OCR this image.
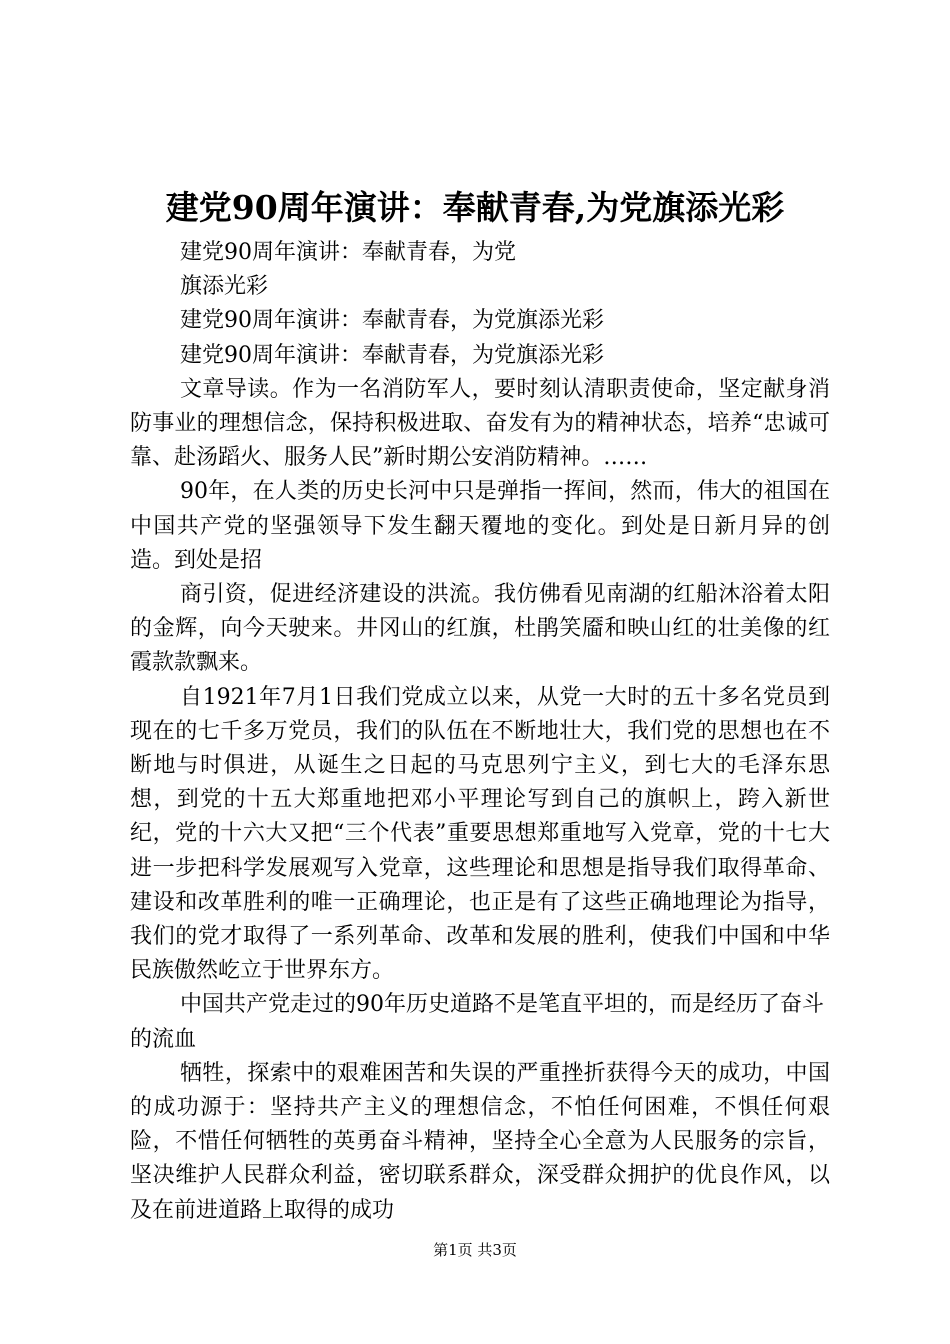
建党90周年演讲：奉献青春,为党旗添光彩

建党90周年演讲：奉献青春，为党

旗添光彩

建党90周年演讲：奉献青春，为党旗添光彩

建党90周年演讲：奉献青春，为党旗添光彩

文章导读。作为一名消防军人，要时刻认清职责使命，坚定献身消防事业的理想信念，保持积极进取、奋发有为的精神状态，培养“忠诚可靠、赴汤蹈火、服务人民”新时期公安消防精神。……

90年，在人类的历史长河中只是弹指一挥间，然而，伟大的祖国在中国共产党的坚强领导下发生翻天覆地的变化。到处是日新月异的创造。到处是招

商引资，促进经济建设的洪流。我仿佛看见南湖的红船沐浴着太阳的金辉，向今天驶来。井冈山的红旗，杜鹃笑靥和映山红的壮美像的红霞款款飘来。

自1921年7月1日我们党成立以来，从党一大时的五十多名党员到现在的七千多万党员，我们的队伍在不断地壮大，我们党的思想也在不断地与时俱进，从诞生之日起的马克思列宁主义，到七大的毛泽东思想，到党的十五大郑重地把邓小平理论写到自己的旗帜上，跨入新世纪，党的十六大又把“三个代表”重要思想郑重地写入党章，党的十七大进一步把科学发展观写入党章，这些理论和思想是指导我们取得革命、建设和改革胜利的唯一正确理论，也正是有了这些正确地理论为指导，我们的党才取得了一系列革命、改革和发展的胜利，使我们中国和中华民族傲然屹立于世界东方。

中国共产党走过的90年历史道路不是笔直平坦的，而是经历了奋斗的流血

牺牲，探索中的艰难困苦和失误的严重挫折获得今天的成功，中国的成功源于：坚持共产主义的理想信念，不怕任何困难，不惧任何艰险，不惜任何牺牲的英勇奋斗精神，坚持全心全意为人民服务的宗旨，坚决维护人民群众利益，密切联系群众，深受群众拥护的优良作风，以及在前进道路上取得的成功

第1页 共3页
